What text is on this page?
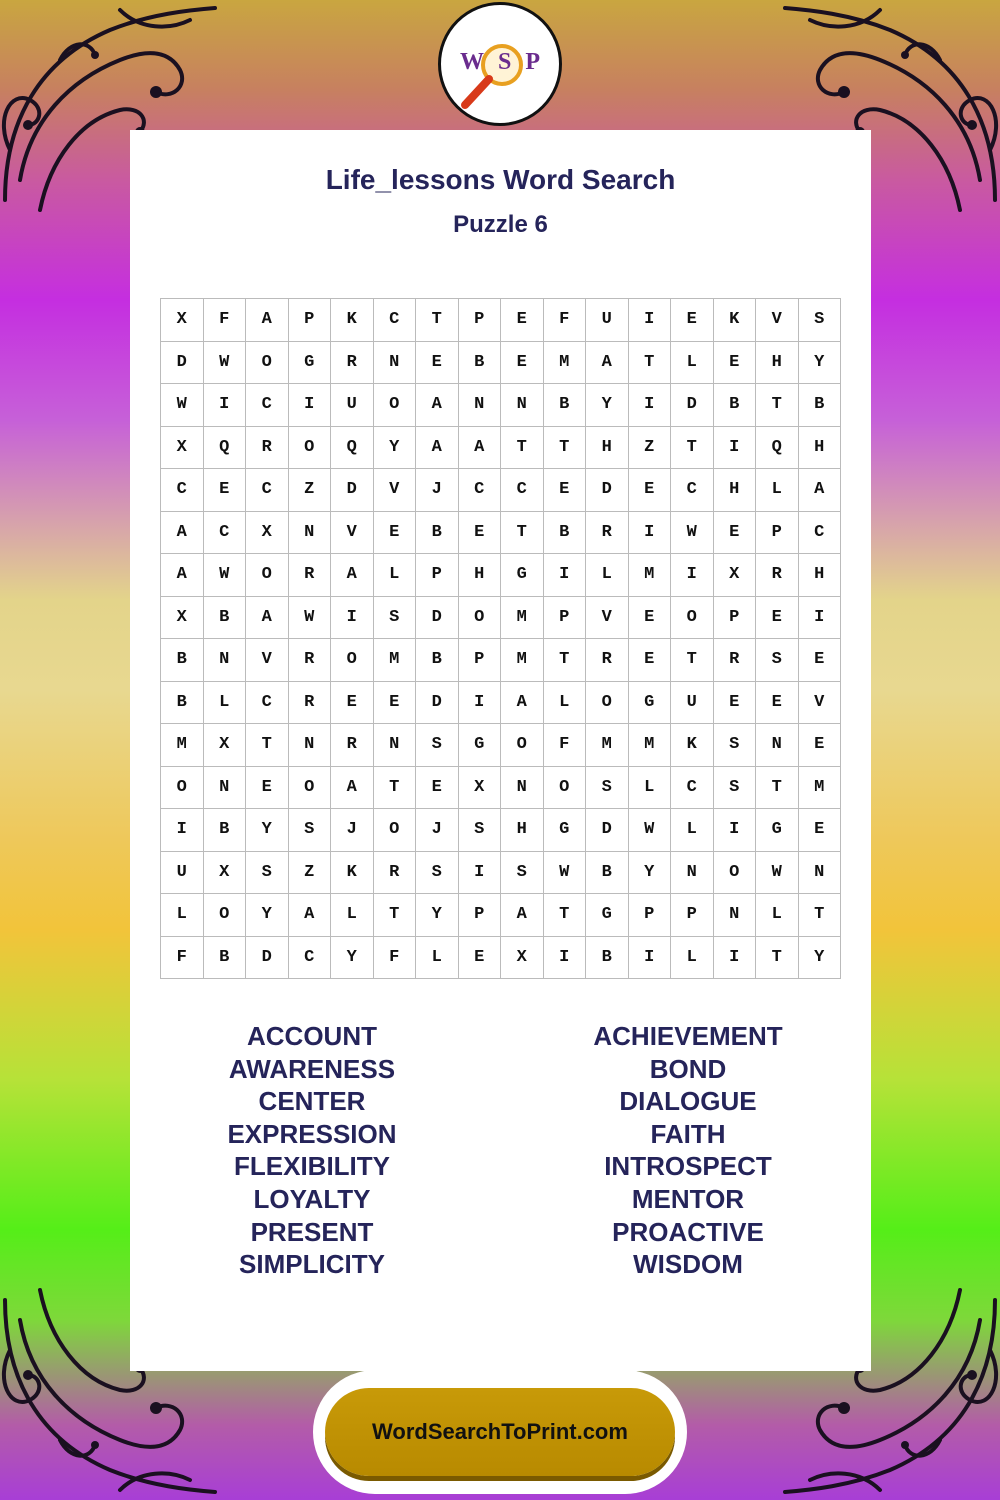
WSP
Life_lessons Word Search
Puzzle 6
X	F	A	P	K	C	T	P	E	F	U	I	E	K	V	S
D	W	O	G	R	N	E	B	E	M	A	T	L	E	H	Y
W	I	C	I	U	O	A	N	N	B	Y	I	D	B	T	B
X	Q	R	O	Q	Y	A	A	T	T	H	Z	T	I	Q	H
C	E	C	Z	D	V	J	C	C	E	D	E	C	H	L	A
A	C	X	N	V	E	B	E	T	B	R	I	W	E	P	C
A	W	O	R	A	L	P	H	G	I	L	M	I	X	R	H
X	B	A	W	I	S	D	O	M	P	V	E	O	P	E	I
B	N	V	R	O	M	B	P	M	T	R	E	T	R	S	E
B	L	C	R	E	E	D	I	A	L	O	G	U	E	E	V
M	X	T	N	R	N	S	G	O	F	M	M	K	S	N	E
O	N	E	O	A	T	E	X	N	O	S	L	C	S	T	M
I	B	Y	S	J	O	J	S	H	G	D	W	L	I	G	E
U	X	S	Z	K	R	S	I	S	W	B	Y	N	O	W	N
L	O	Y	A	L	T	Y	P	A	T	G	P	P	N	L	T
F	B	D	C	Y	F	L	E	X	I	B	I	L	I	T	Y
ACCOUNT
AWARENESS
CENTER
EXPRESSION
FLEXIBILITY
LOYALTY
PRESENT
SIMPLICITY
ACHIEVEMENT
BOND
DIALOGUE
FAITH
INTROSPECT
MENTOR
PROACTIVE
WISDOM
WordSearchToPrint.com
